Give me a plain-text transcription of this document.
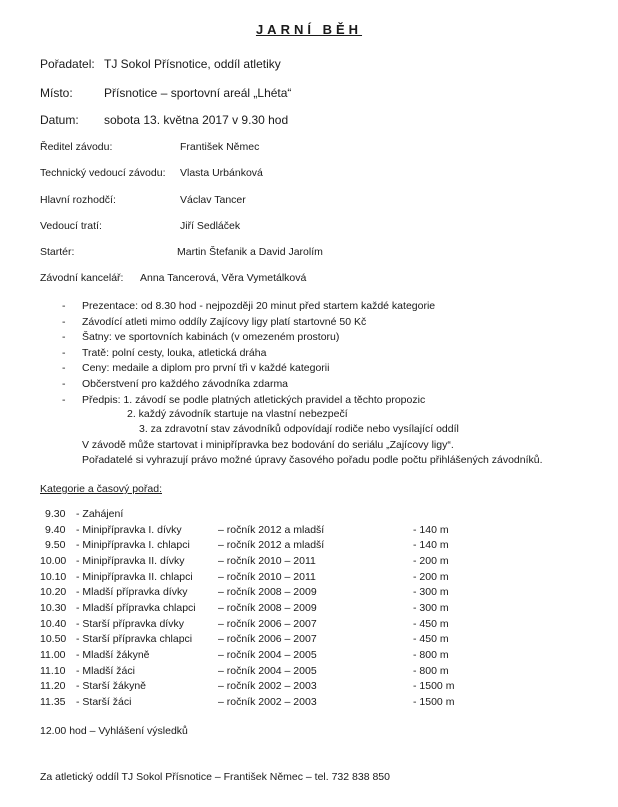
JARNÍ BĚH
Pořadatel: TJ Sokol Přísnotice, oddíl atletiky
Místo:	Přísnotice – sportovní areál „Lhéta“
Datum: sobota 13. května 2017 v 9.30 hod
Ředitel závodu:	František Němec
Technický vedoucí závodu: Vlasta Urbánková
Hlavní rozhodčí:	Václav Tancer
Vedoucí tratí:	Jiří Sedláček
Startér:	Martin Štefanik a David Jarolím
Závodní kancelář: Anna Tancerová, Věra Vymetálková
-	Prezentace: od 8.30 hod - nejpozději 20 minut před startem každé kategorie
-	Závodící atleti mimo oddíly Zajícovy ligy platí startovné 50 Kč
-	Šatny: ve sportovních kabinách (v omezeném prostoru)
-	Tratě: polní cesty, louka, atletická dráha
-	Ceny: medaile a diplom pro první tři v každé kategorii
-	Občerstvení pro každého závodníka zdarma
-	Předpis: 1. závodí se podle platných atletických pravidel a těchto propozic
2. každý závodník startuje na vlastní nebezpečí
3. za zdravotní stav závodníků odpovídají rodiče nebo vysílající oddíl
V závodě může startovat i minipřípravka bez bodování do seriálu „Zajícovy ligy“.
Pořadatelé si vyhrazují právo možné úpravy časového pořadu podle počtu přihlášených závodníků.
Kategorie a časový pořad:
9.30 - Zahájení
9.40 - Minipřípravka I. dívky	– ročník 2012 a mladší	- 140 m
9.50 - Minipřípravka I. chlapci	– ročník 2012 a mladší	- 140 m
10.00 - Minipřípravka II. dívky	– ročník 2010 – 2011	- 200 m
10.10 - Minipřípravka II. chlapci – ročník 2010 – 2011	- 200 m
10.20 - Mladší přípravka dívky	– ročník 2008 – 2009	- 300 m
10.30 - Mladší přípravka chlapci – ročník 2008 – 2009	- 300 m
10.40 - Starší přípravka dívky	– ročník 2006 – 2007	- 450 m
10.50 - Starší přípravka chlapci – ročník 2006 – 2007	- 450 m
11.00 - Mladší žákyně	– ročník 2004 – 2005	- 800 m
11.10 - Mladší žáci	– ročník 2004 – 2005	- 800 m
11.20 - Starší žákyně	– ročník 2002 – 2003	- 1500 m
11.35 - Starší žáci	– ročník 2002 – 2003	- 1500 m
12.00 hod – Vyhlášení výsledků
Za atletický oddíl TJ Sokol Přísnotice – František Němec – tel. 732 838 850
